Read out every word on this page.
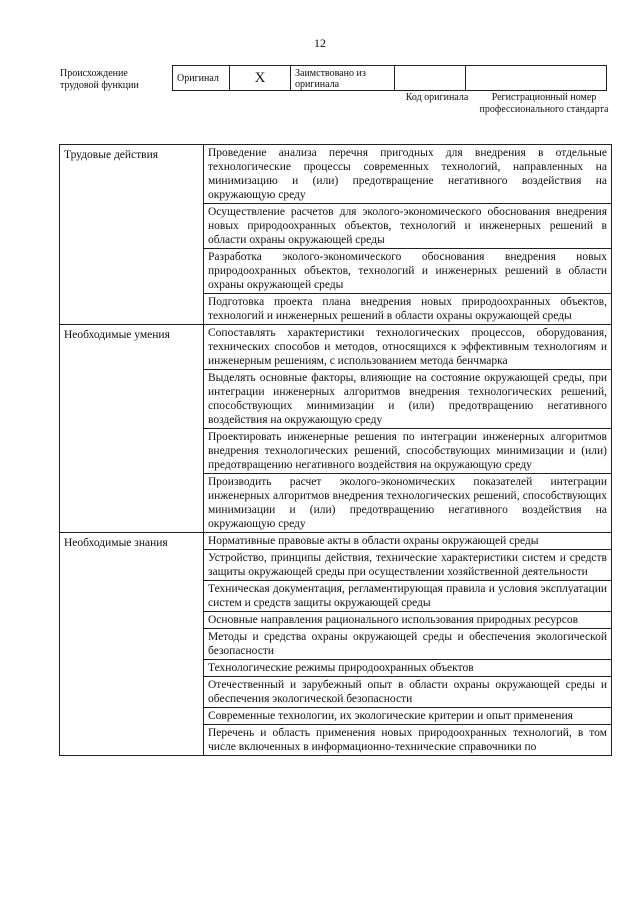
12
Происхождение трудовой функции
Оригинал	X	Заимствовано из оригинала		
Код оригинала	Регистрационный номер профессионального стандарта
Трудовые действия	Проведение анализа перечня пригодных для внедрения в отдельные технологические процессы современных технологий, направленных на минимизацию и (или) предотвращение негативного воздействия на окружающую среду
	Осуществление расчетов для эколого-экономического обоснования внедрения новых природоохранных объектов, технологий и инженерных решений в области охраны окружающей среды
	Разработка эколого-экономического обоснования внедрения новых природоохранных объектов, технологий и инженерных решений в области охраны окружающей среды
	Подготовка проекта плана внедрения новых природоохранных объектов, технологий и инженерных решений в области охраны окружающей среды
Необходимые умения	Сопоставлять характеристики технологических процессов, оборудования, технических способов и методов, относящихся к эффективным технологиям и инженерным решениям, с использованием метода бенчмарка
	Выделять основные факторы, влияющие на состояние окружающей среды, при интеграции инженерных алгоритмов внедрения технологических решений, способствующих минимизации и (или) предотвращению негативного воздействия на окружающую среду
	Проектировать инженерные решения по интеграции инженерных алгоритмов внедрения технологических решений, способствующих минимизации и (или) предотвращению негативного воздействия на окружающую среду
	Производить расчет эколого-экономических показателей интеграции инженерных алгоритмов внедрения технологических решений, способствующих минимизации и (или) предотвращению негативного воздействия на окружающую среду
Необходимые знания	Нормативные правовые акты в области охраны окружающей среды
	Устройство, принципы действия, технические характеристики систем и средств защиты окружающей среды при осуществлении хозяйственной деятельности
	Техническая документация, регламентирующая правила и условия эксплуатации систем и средств защиты окружающей среды
	Основные направления рационального использования природных ресурсов
	Методы и средства охраны окружающей среды и обеспечения экологической безопасности
	Технологические режимы природоохранных объектов
	Отечественный и зарубежный опыт в области охраны окружающей среды и обеспечения экологической безопасности
	Современные технологии, их экологические критерии и опыт применения
	Перечень и область применения новых природоохранных технологий, в том числе включенных в информационно-технические справочники по
